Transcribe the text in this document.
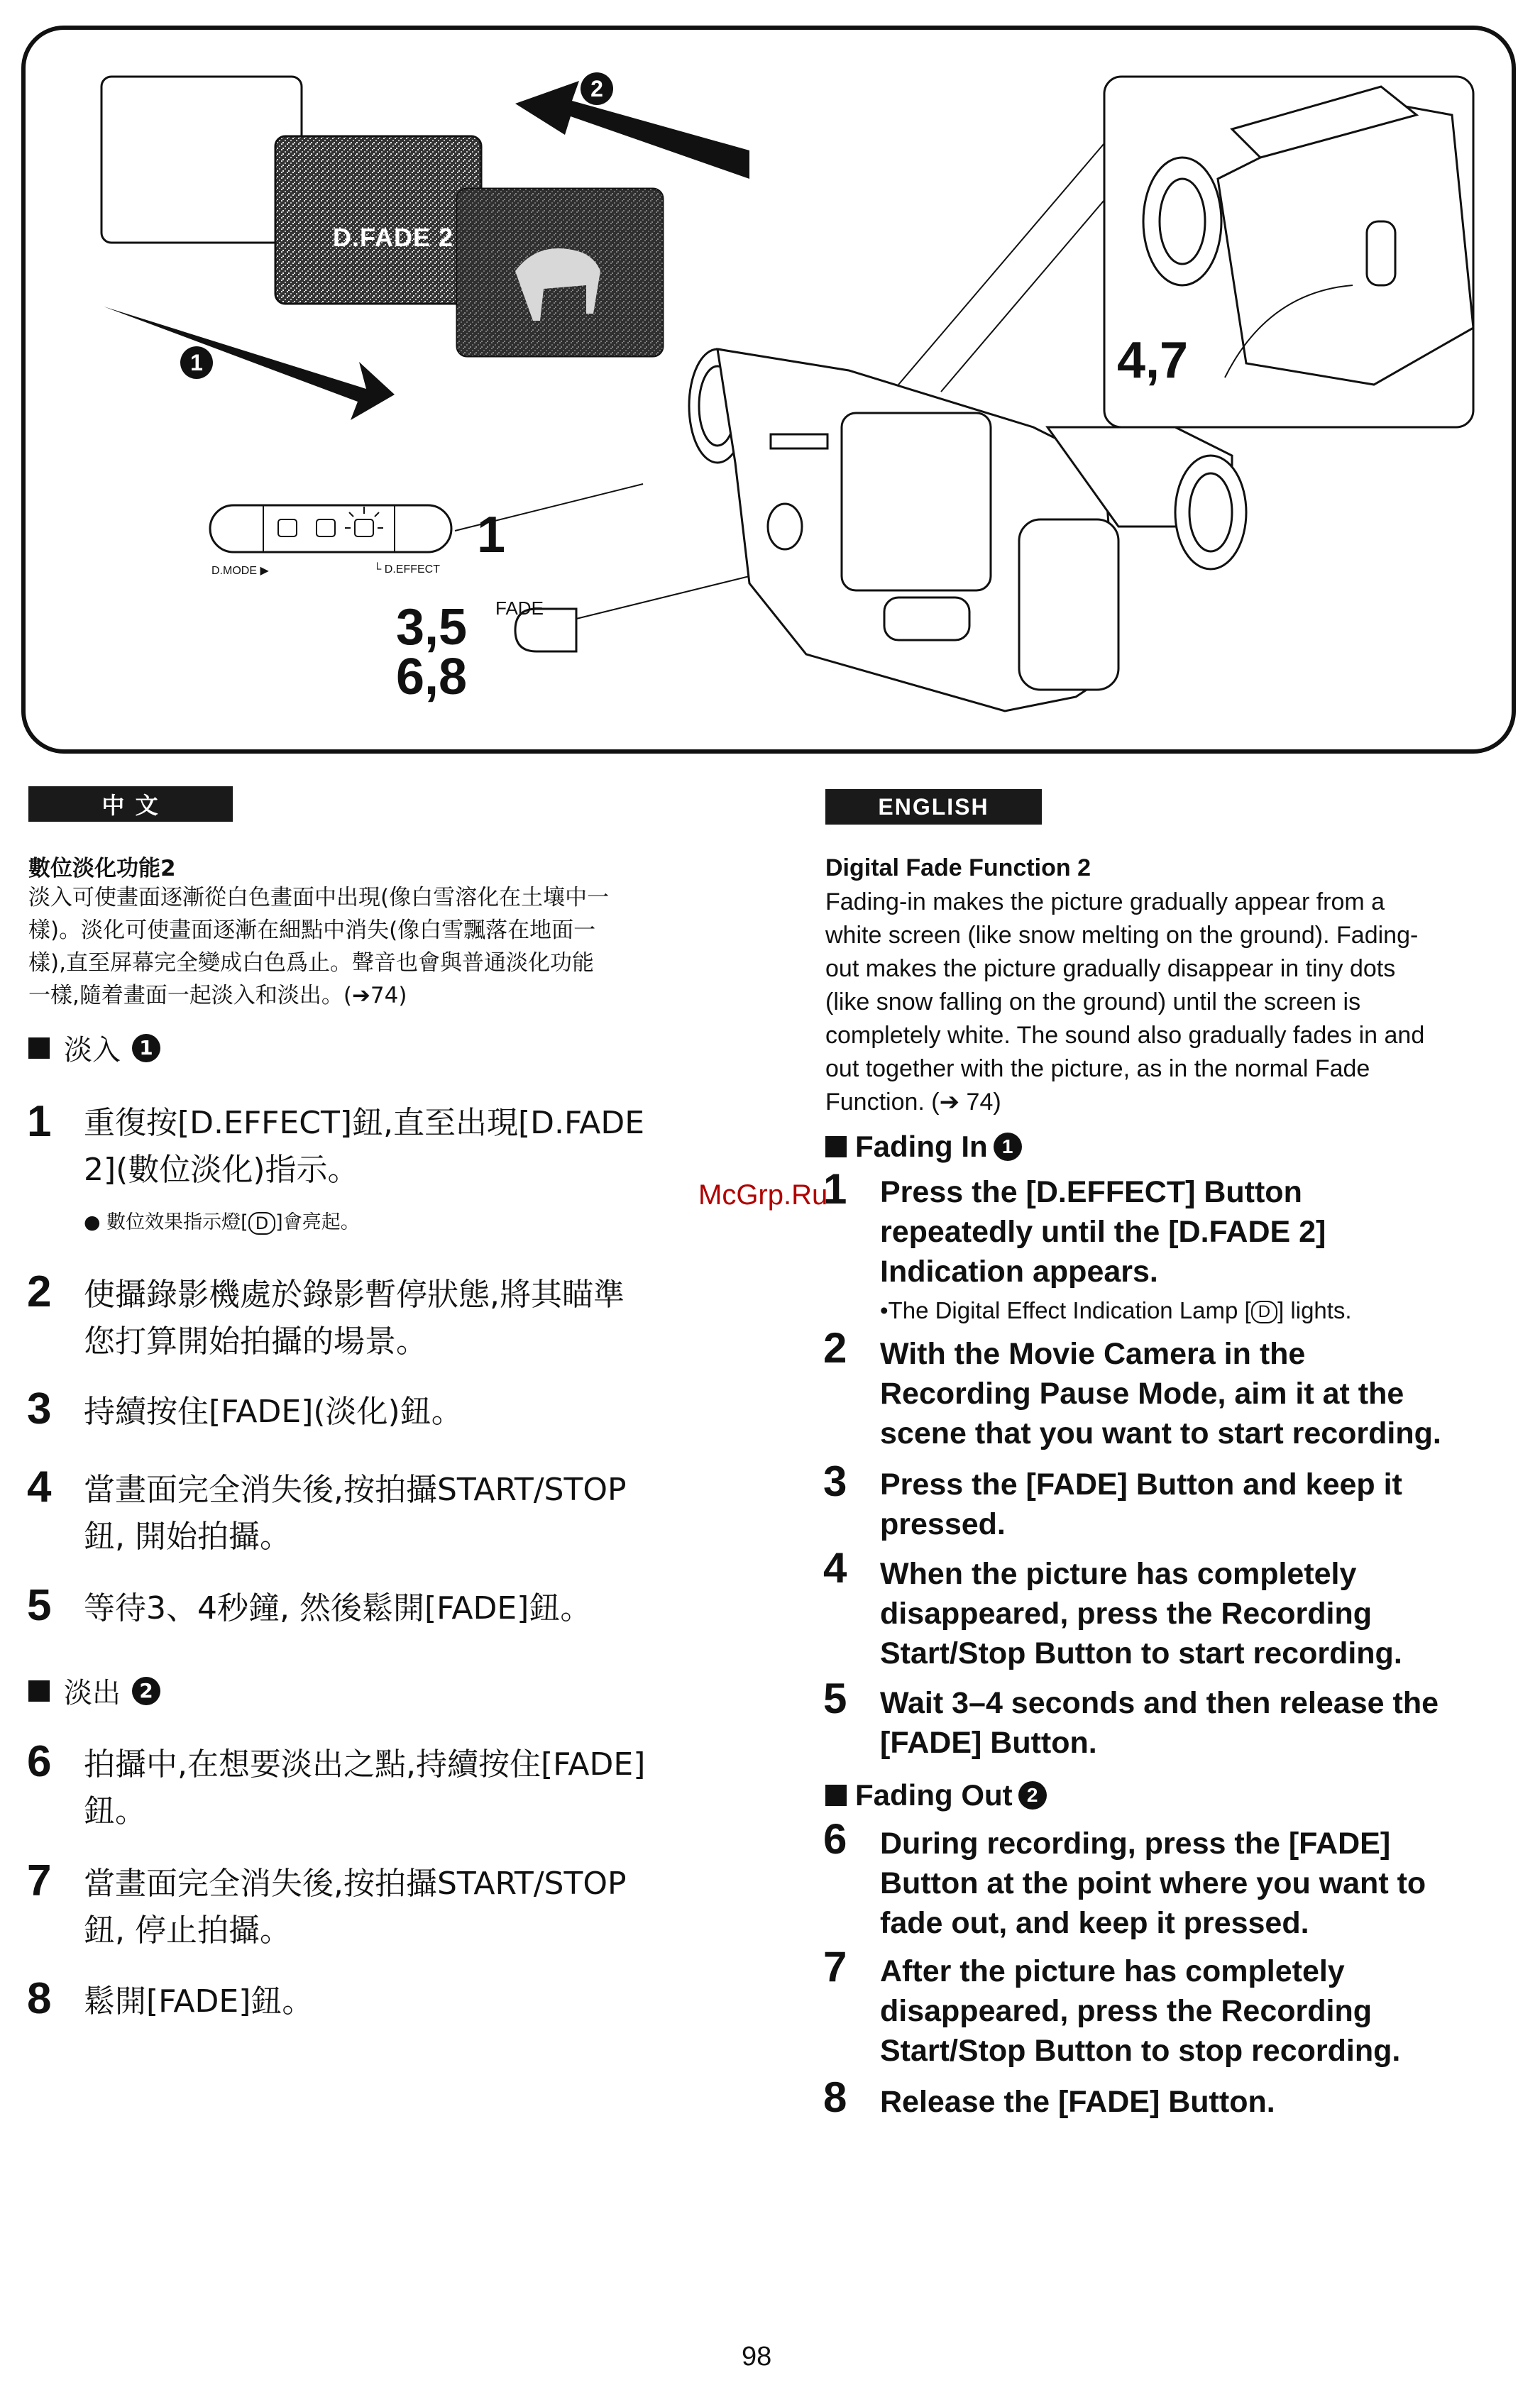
1
2
D.FADE 2
1
D.MODE ▶	└ D.EFFECT
FADE
3,5
6,8
4,7
中 文
數位淡化功能2
淡入可使畫面逐漸從白色畫面中出現(像白雪溶化在土壤中一
樣)。淡化可使畫面逐漸在細點中消失(像白雪飄落在地面一
樣),直至屏幕完全變成白色爲止。聲音也會與普通淡化功能
一樣,隨着畫面一起淡入和淡出。(➔74)
淡入 1
1 重復按[D.EFFECT]鈕,直至出現[D.FADE
2](數位淡化)指示。
● 數位效果指示燈[ D ]會亮起。
2 使攝錄影機處於錄影暫停狀態,將其瞄準
您打算開始拍攝的場景。
3 持續按住[FADE](淡化)鈕。
4 當畫面完全消失後,按拍攝START/STOP
鈕, 開始拍攝。
5 等待3、4秒鐘, 然後鬆開[FADE]鈕。
淡出 2
6 拍攝中,在想要淡出之點,持續按住[FADE]
鈕。
7 當畫面完全消失後,按拍攝START/STOP
鈕, 停止拍攝。
8 鬆開[FADE]鈕。
ENGLISH
Digital Fade Function 2
Fading-in makes the picture gradually appear from a
white screen (like snow melting on the ground). Fading-
out makes the picture gradually disappear in tiny dots
(like snow falling on the ground) until the screen is
completely white. The sound also gradually fades in and
out together with the picture, as in the normal Fade
Function. (➔ 74)
Fading In 1
1 Press the [D.EFFECT] Button
repeatedly until the [D.FADE 2]
Indication appears.
•The Digital Effect Indication Lamp [ D ] lights.
2 With the Movie Camera in the
Recording Pause Mode, aim it at the
scene that you want to start recording.
3 Press the [FADE] Button and keep it
pressed.
4 When the picture has completely
disappeared, press the Recording
Start/Stop Button to start recording.
5 Wait 3–4 seconds and then release the
[FADE] Button.
Fading Out 2
6 During recording, press the [FADE]
Button at the point where you want to
fade out, and keep it pressed.
7 After the picture has completely
disappeared, press the Recording
Start/Stop Button to stop recording.
8 Release the [FADE] Button.
McGrp.Ru
98
